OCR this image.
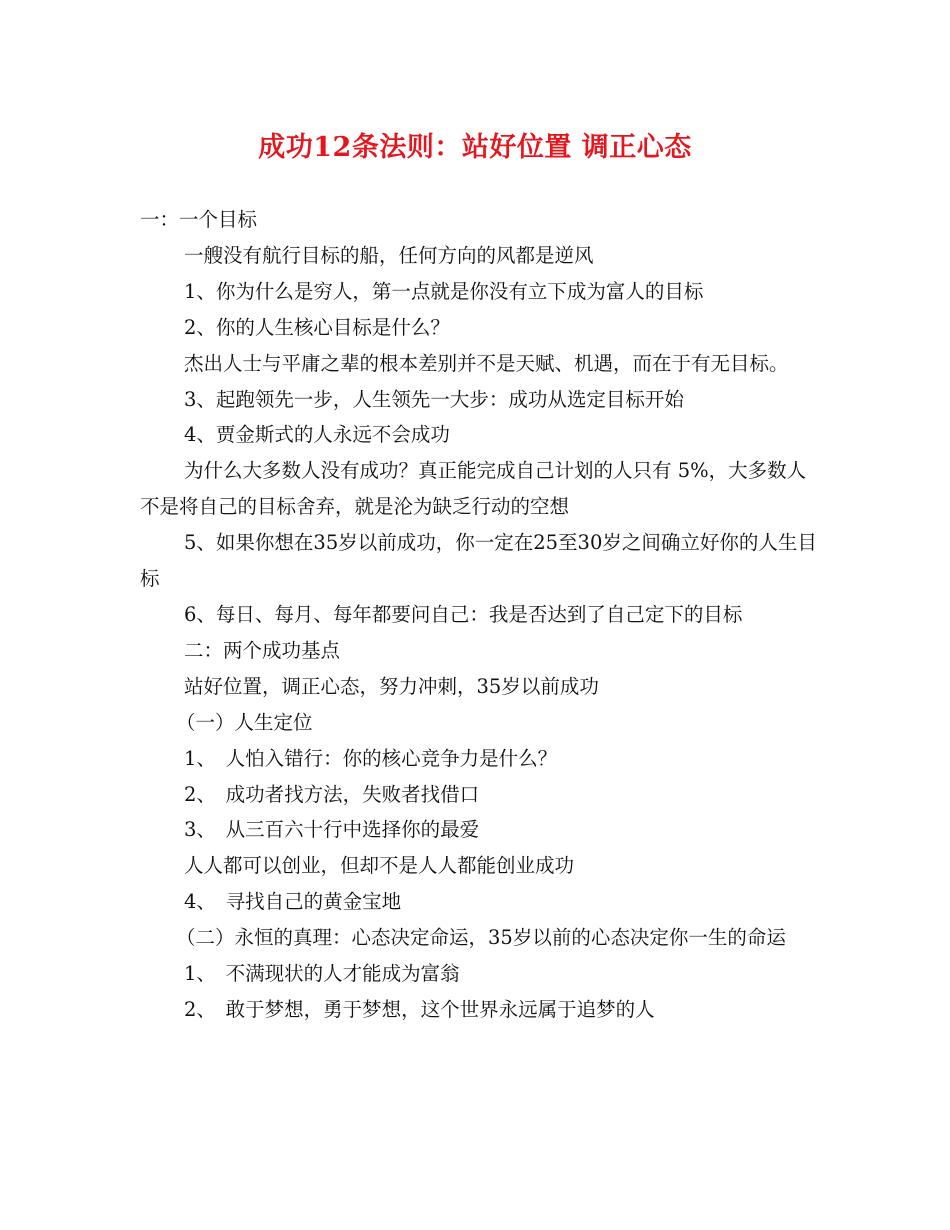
成功12条法则：站好位置 调正心态

一：一个目标

一艘没有航行目标的船，任何方向的风都是逆风

1、你为什么是穷人，第一点就是你没有立下成为富人的目标

2、你的人生核心目标是什么？

杰出人士与平庸之辈的根本差别并不是天赋、机遇，而在于有无目标。

3、起跑领先一步，人生领先一大步：成功从选定目标开始

4、贾金斯式的人永远不会成功

为什么大多数人没有成功？真正能完成自己计划的人只有 5%，大多数人不是将自己的目标舍弃，就是沦为缺乏行动的空想

5、如果你想在35岁以前成功，你一定在25至30岁之间确立好你的人生目标

6、每日、每月、每年都要问自己：我是否达到了自己定下的目标

二：两个成功基点

站好位置，调正心态，努力冲刺，35岁以前成功

（一）人生定位

1、　人怕入错行：你的核心竞争力是什么？

2、　成功者找方法，失败者找借口

3、　从三百六十行中选择你的最爱

人人都可以创业，但却不是人人都能创业成功

4、　寻找自己的黄金宝地

（二）永恒的真理：心态决定命运，35岁以前的心态决定你一生的命运

1、　不满现状的人才能成为富翁

2、　敢于梦想，勇于梦想，这个世界永远属于追梦的人
